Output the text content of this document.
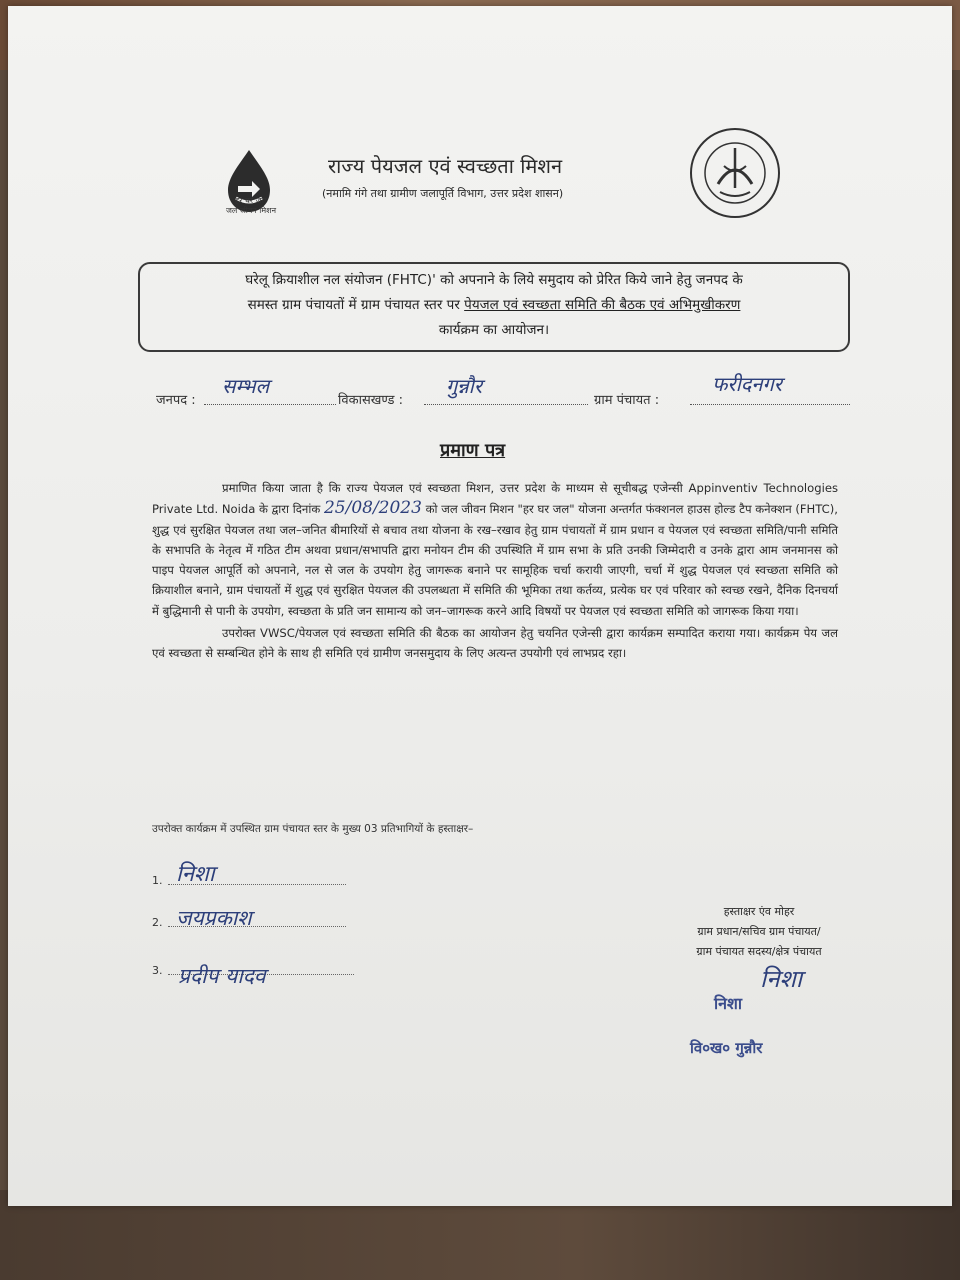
हर घर जल
जल जीवन मिशन
राज्य पेयजल एवं स्वच्छता मिशन
(नमामि गंगे तथा ग्रामीण जलापूर्ति विभाग, उत्तर प्रदेश शासन)
घरेलू क्रियाशील नल संयोजन (FHTC)' को अपनाने के लिये समुदाय को प्रेरित किये जाने हेतु जनपद के
समस्त ग्राम पंचायतों में ग्राम पंचायत स्तर पर पेयजल एवं स्वच्छता समिति की बैठक एवं अभिमुखीकरण
कार्यक्रम का आयोजन।
जनपद :
सम्भल
विकासखण्ड :
गुन्नौर
ग्राम पंचायत :
फरीदनगर
प्रमाण पत्र

प्रमाणित किया जाता है कि राज्य पेयजल एवं स्वच्छता मिशन, उत्तर प्रदेश के माध्यम से सूचीबद्ध एजेन्सी Appinventiv Technologies Private Ltd. Noida के द्वारा दिनांक 25/08/2023 को जल जीवन मिशन "हर घर जल" योजना अन्तर्गत फंक्शनल हाउस होल्ड टैप कनेक्शन (FHTC), शुद्ध एवं सुरक्षित पेयजल तथा जल–जनित बीमारियों से बचाव तथा योजना के रख–रखाव हेतु ग्राम पंचायतों में ग्राम प्रधान व पेयजल एवं स्वच्छता समिति/पानी समिति के सभापति के नेतृत्व में गठित टीम अथवा प्रधान/सभापति द्वारा मनोयन टीम की उपस्थिति में ग्राम सभा के प्रति उनकी जिम्मेदारी व उनके द्वारा आम जनमानस को पाइप पेयजल आपूर्ति को अपनाने, नल से जल के उपयोग हेतु जागरूक बनाने पर सामूहिक चर्चा करायी जाएगी, चर्चा में शुद्ध पेयजल एवं स्वच्छता समिति को क्रियाशील बनाने, ग्राम पंचायतों में शुद्ध एवं सुरक्षित पेयजल की उपलब्धता में समिति की भूमिका तथा कर्तव्य, प्रत्येक घर एवं परिवार को स्वच्छ रखने, दैनिक दिनचर्या में बुद्धिमानी से पानी के उपयोग, स्वच्छता के प्रति जन सामान्य को जन–जागरूक करने आदि विषयों पर पेयजल एवं स्वच्छता समिति को जागरूक किया गया।

उपरोक्त VWSC/पेयजल एवं स्वच्छता समिति की बैठक का आयोजन हेतु चयनित एजेन्सी द्वारा कार्यक्रम सम्पादित कराया गया। कार्यक्रम पेय जल एवं स्वच्छता से सम्बन्धित होने के साथ ही समिति एवं ग्रामीण जनसमुदाय के लिए अत्यन्त उपयोगी एवं लाभप्रद रहा।

उपरोक्त कार्यक्रम में उपस्थित ग्राम पंचायत स्तर के मुख्य 03 प्रतिभागियों के हस्ताक्षर–
1. निशा
2. जयप्रकाश
3. प्रदीप यादव
हस्ताक्षर एंव मोहर
ग्राम प्रधान/सचिव ग्राम पंचायत/
ग्राम पंचायत सदस्य/क्षेत्र पंचायत
निशा
निशा
वि०ख० गुन्नौर
